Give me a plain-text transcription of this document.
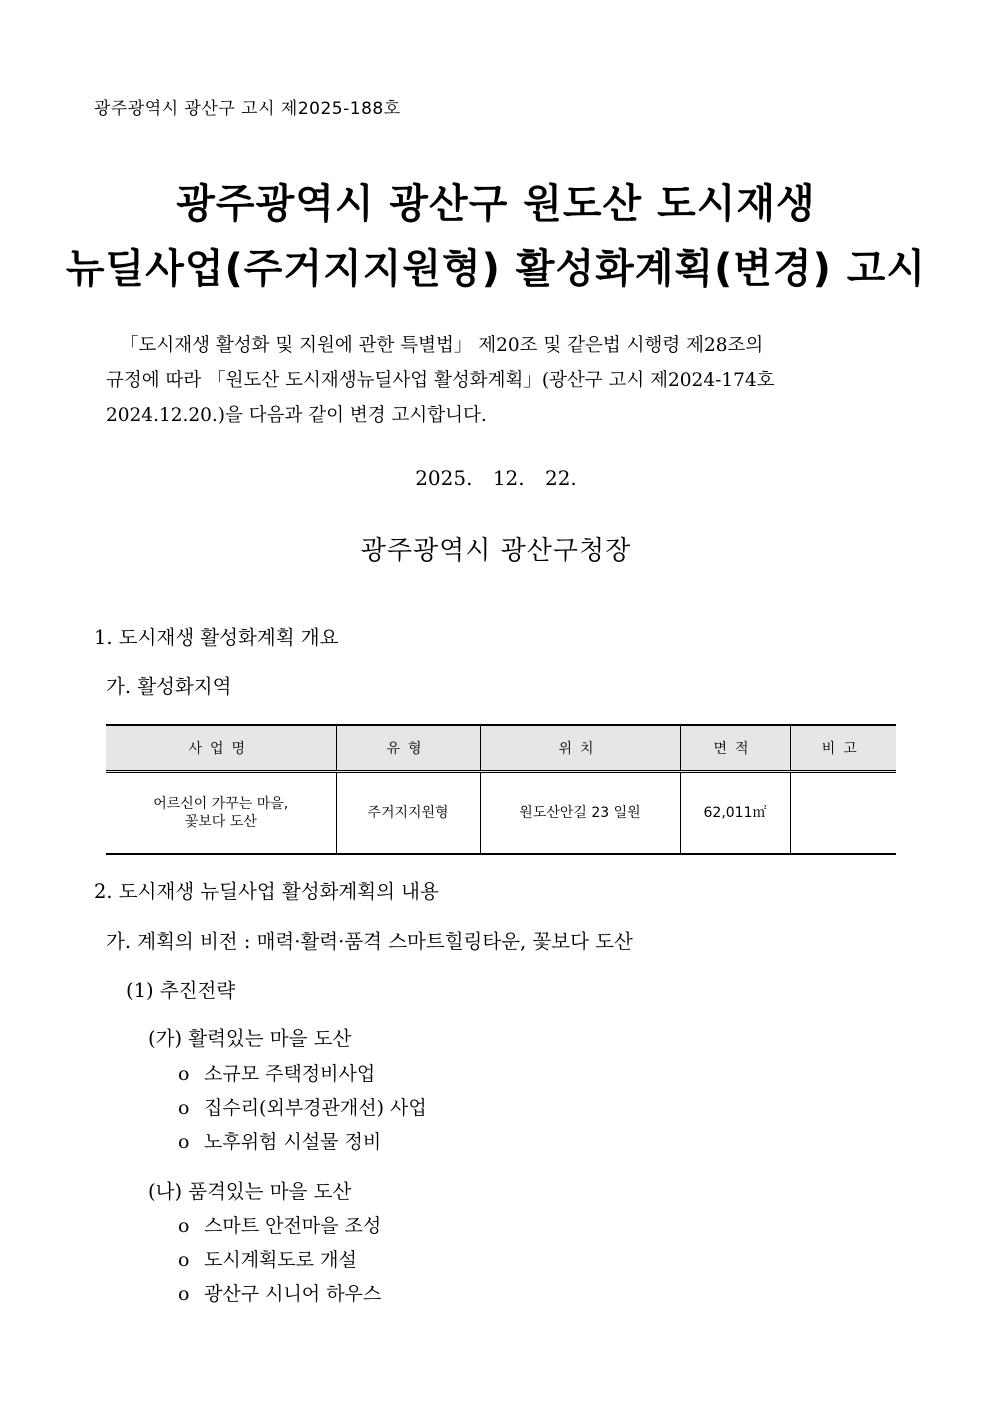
광주광역시 광산구 고시 제2025-188호
광주광역시 광산구 원도산 도시재생
뉴딜사업(주거지지원형) 활성화계획(변경) 고시
「도시재생 활성화 및 지원에 관한 특별법」 제20조 및 같은법 시행령 제28조의
규정에 따라 「원도산 도시재생뉴딜사업 활성화계획」(광산구 고시 제2024-174호
2024.12.20.)을 다음과 같이 변경 고시합니다.
2025. 12. 22.
광주광역시 광산구청장
1. 도시재생 활성화계획 개요
가. 활성화지역
사업명	유형	위치	면적	비고

어르신이 가꾸는 마을,
꽃보다 도산	주거지지원형	원도산안길 23 일원	62,011㎡	
2. 도시재생 뉴딜사업 활성화계획의 내용
가. 계획의 비전 : 매력·활력·품격 스마트힐링타운, 꽃보다 도산
(1) 추진전략
(가) 활력있는 마을 도산
o 소규모 주택정비사업
o 집수리(외부경관개선) 사업
o 노후위험 시설물 정비
(나) 품격있는 마을 도산
o 스마트 안전마을 조성
o 도시계획도로 개설
o 광산구 시니어 하우스
